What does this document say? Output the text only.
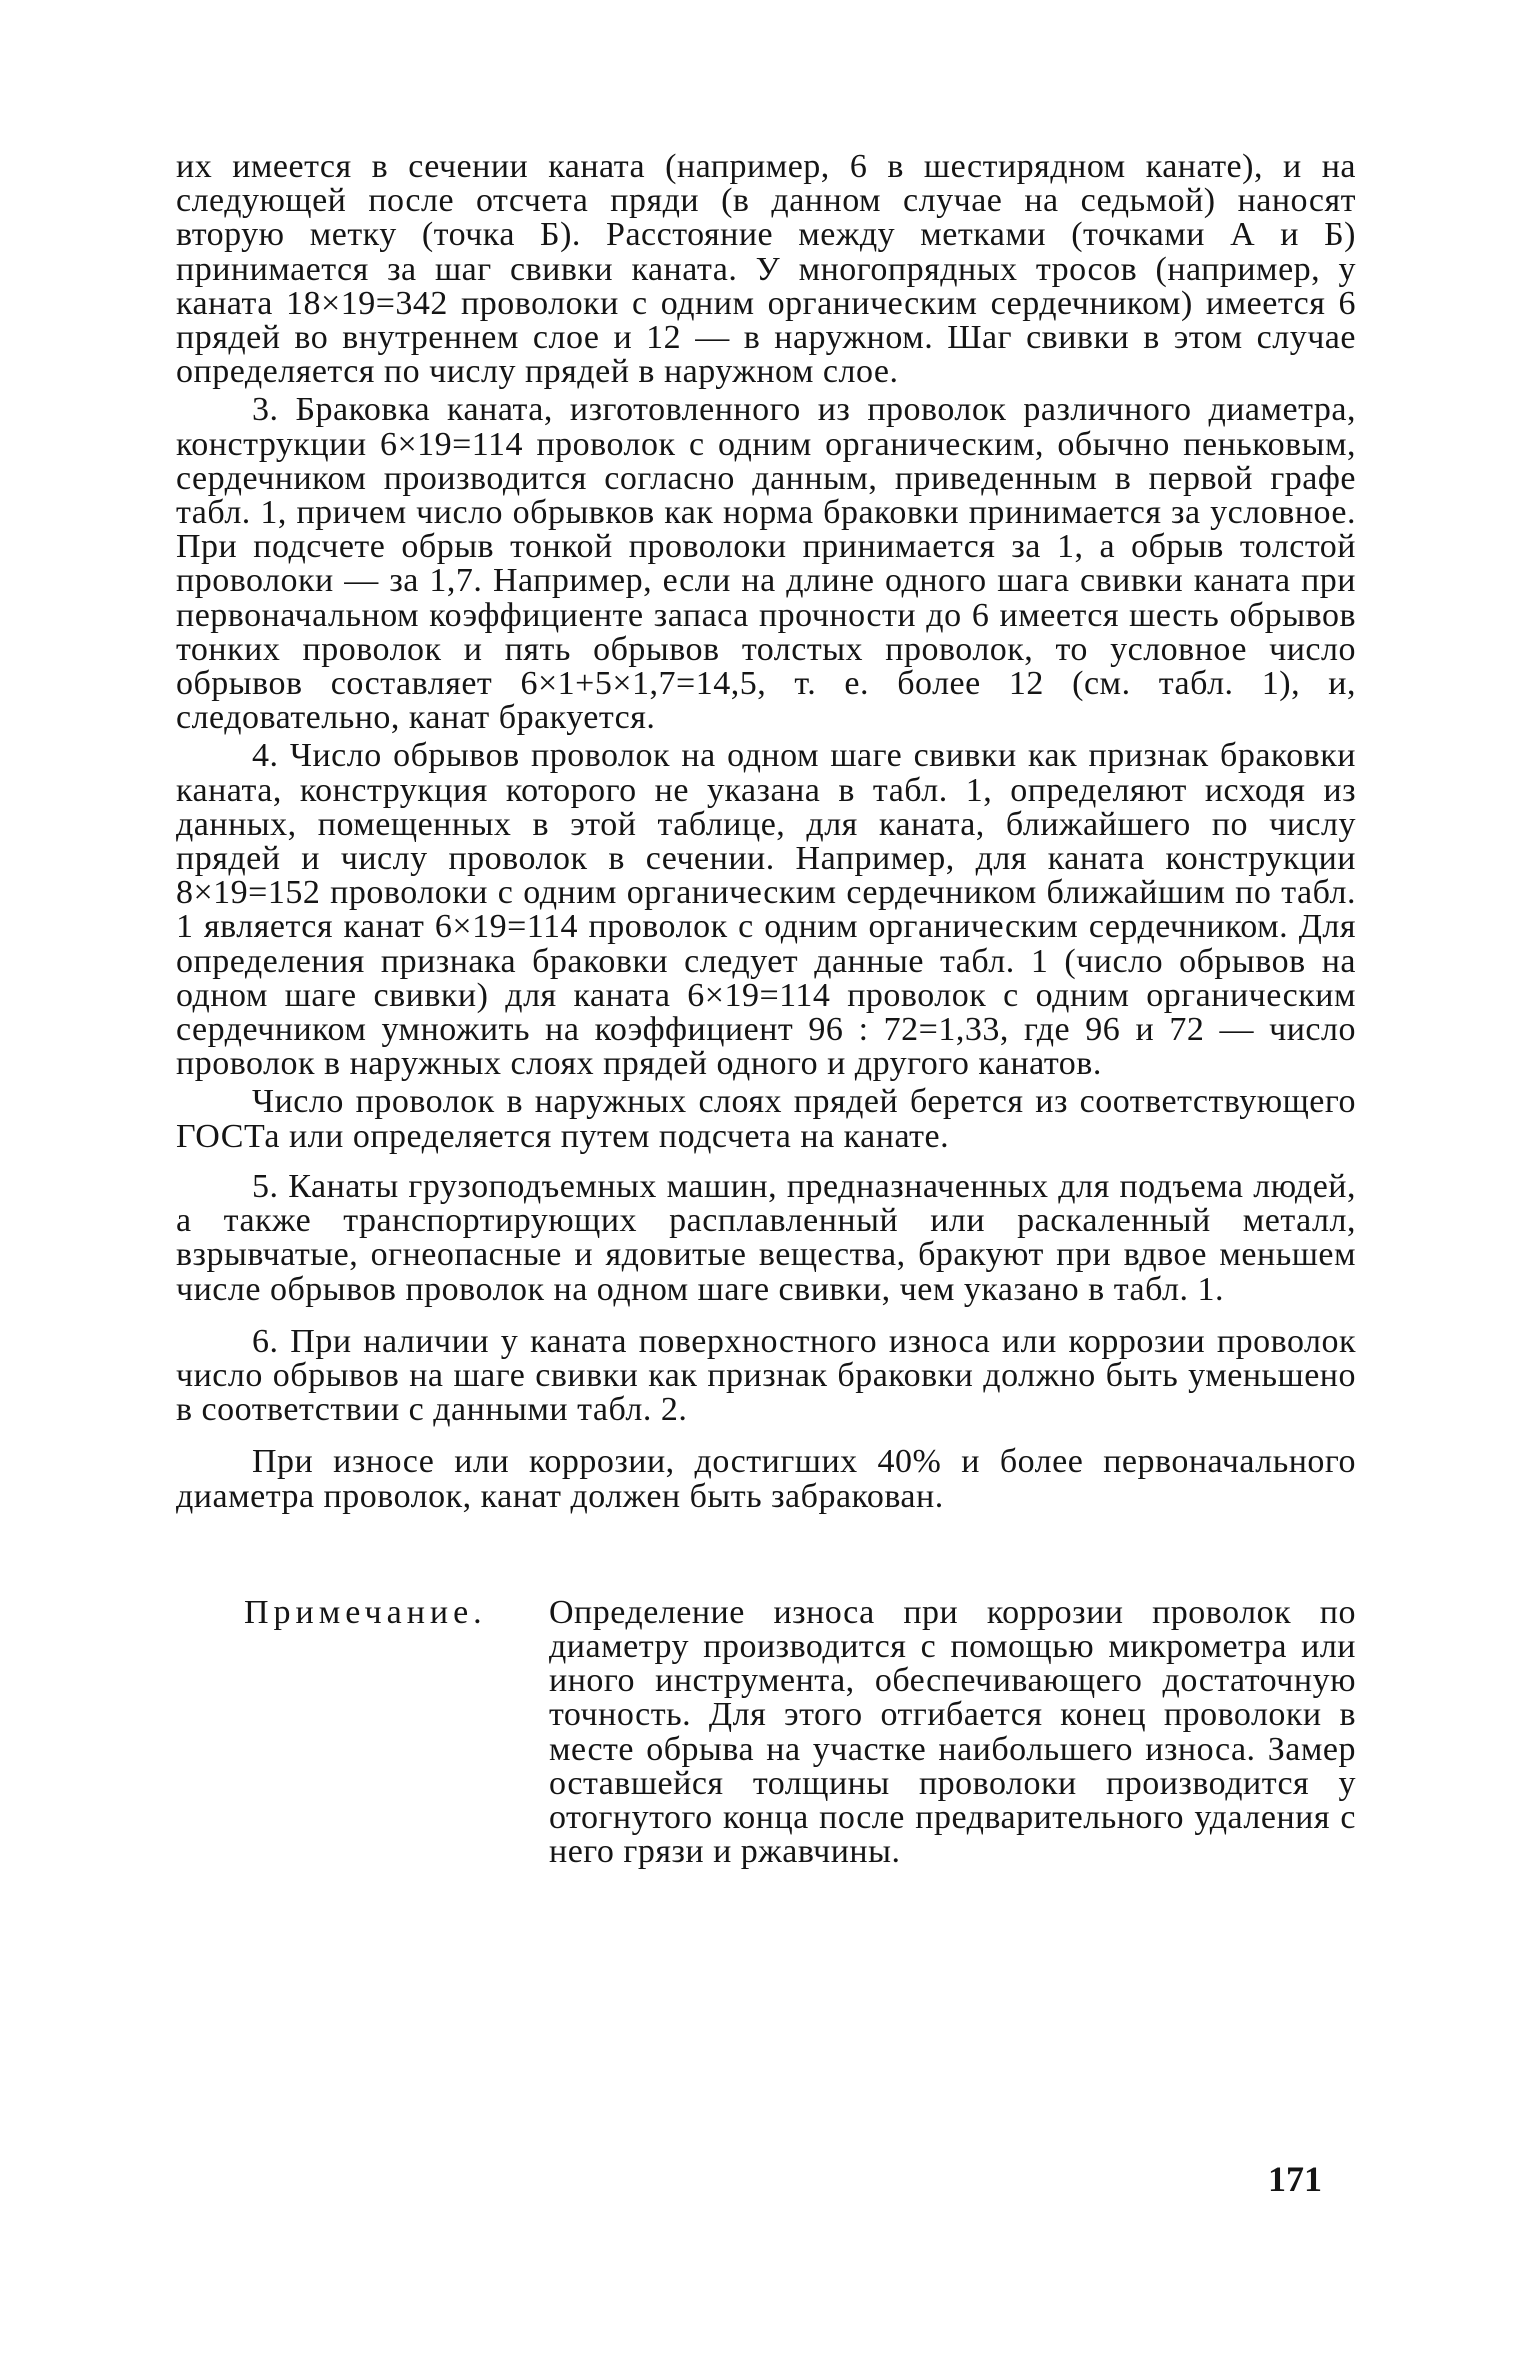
их имеется в сечении каната (например, 6 в шестирядном канате), и на следующей после отсчета пряди (в данном случае на седьмой) наносят вторую метку (точка Б). Расстояние между метками (точками А и Б) принимается за шаг свивки каната. У многопрядных тросов (например, у каната 18×19=342 проволоки с одним органическим сердечником) имеется 6 прядей во внутреннем слое и 12 — в наружном. Шаг свивки в этом случае определяется по числу прядей в наружном слое.

3. Браковка каната, изготовленного из проволок различного диаметра, конструкции 6×19=114 проволок с одним органическим, обычно пеньковым, сердечником производится согласно данным, приведенным в первой графе табл. 1, причем число обрывков как норма браковки принимается за условное. При подсчете обрыв тонкой проволоки принимается за 1, а обрыв толстой проволоки — за 1,7. Например, если на длине одного шага свивки каната при первоначальном коэффициенте запаса прочности до 6 имеется шесть обрывов тонких проволок и пять обрывов толстых проволок, то условное число обрывов составляет 6×1+5×1,7=14,5, т. е. более 12 (см. табл. 1), и, следовательно, канат бракуется.

4. Число обрывов проволок на одном шаге свивки как признак браковки каната, конструкция которого не указана в табл. 1, определяют исходя из данных, помещенных в этой таблице, для каната, ближайшего по числу прядей и числу проволок в сечении. Например, для каната конструкции 8×19=152 проволоки с одним органическим сердечником ближайшим по табл. 1 является канат 6×19=114 проволок с одним органическим сердечником. Для определения признака браковки следует данные табл. 1 (число обрывов на одном шаге свивки) для каната 6×19=114 проволок с одним органическим сердечником умножить на коэффициент 96 : 72=1,33, где 96 и 72 — число проволок в наружных слоях прядей одного и другого канатов.

Число проволок в наружных слоях прядей берется из соответствующего ГОСТа или определяется путем подсчета на канате.

5. Канаты грузоподъемных машин, предназначенных для подъема людей, а также транспортирующих расплавленный или раскаленный металл, взрывчатые, огнеопасные и ядовитые вещества, бракуют при вдвое меньшем числе обрывов проволок на одном шаге свивки, чем указано в табл. 1.

6. При наличии у каната поверхностного износа или коррозии проволок число обрывов на шаге свивки как признак браковки должно быть уменьшено в соответствии с данными табл. 2.

При износе или коррозии, достигших 40% и более первоначального диаметра проволок, канат должен быть забракован.

Примечание. Определение износа при коррозии проволок по диаметру производится с помощью микрометра или иного инструмента, обеспечивающего достаточную точность. Для этого отгибается конец проволоки в месте обрыва на участке наибольшего износа. Замер оставшейся толщины проволоки производится у отогнутого конца после предварительного удаления с него грязи и ржавчины.

171
